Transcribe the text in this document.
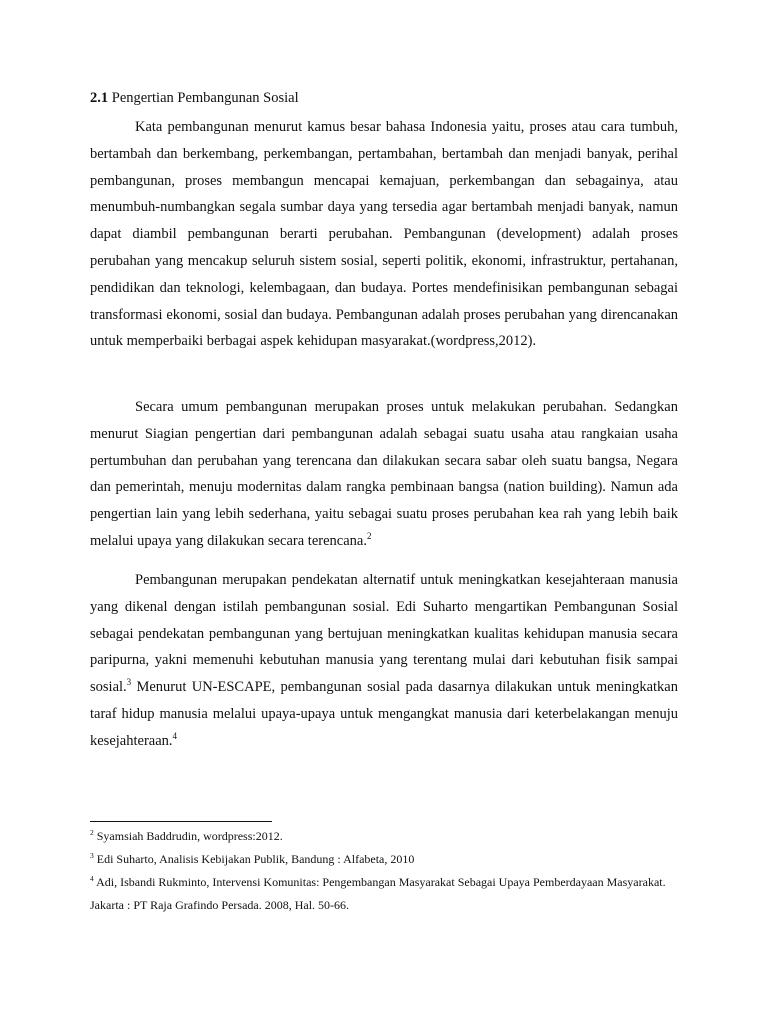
2.1 Pengertian Pembangunan Sosial

Kata pembangunan menurut kamus besar bahasa Indonesia yaitu, proses atau cara tumbuh, bertambah dan berkembang, perkembangan, pertambahan, bertambah dan menjadi banyak, perihal pembangunan, proses membangun mencapai kemajuan, perkembangan dan sebagainya, atau menumbuh-numbangkan segala sumbar daya yang tersedia agar bertambah menjadi banyak, namun dapat diambil pembangunan berarti perubahan. Pembangunan (development) adalah proses perubahan yang mencakup seluruh sistem sosial, seperti politik, ekonomi, infrastruktur, pertahanan, pendidikan dan teknologi, kelembagaan, dan budaya. Portes mendefinisikan pembangunan sebagai transformasi ekonomi, sosial dan budaya. Pembangunan adalah proses perubahan yang direncanakan untuk memperbaiki berbagai aspek kehidupan masyarakat.(wordpress,2012).

Secara umum pembangunan merupakan proses untuk melakukan perubahan. Sedangkan menurut Siagian pengertian dari pembangunan adalah sebagai suatu usaha atau rangkaian usaha pertumbuhan dan perubahan yang terencana dan dilakukan secara sabar oleh suatu bangsa, Negara dan pemerintah, menuju modernitas dalam rangka pembinaan bangsa (nation building). Namun ada pengertian lain yang lebih sederhana, yaitu sebagai suatu proses perubahan kea rah yang lebih baik melalui upaya yang dilakukan secara terencana.$^2$

Pembangunan merupakan pendekatan alternatif untuk meningkatkan kesejahteraan manusia yang dikenal dengan istilah pembangunan sosial. Edi Suharto mengartikan Pembangunan Sosial sebagai pendekatan pembangunan yang bertujuan meningkatkan kualitas kehidupan manusia secara paripurna, yakni memenuhi kebutuhan manusia yang terentang mulai dari kebutuhan fisik sampai sosial.$^3$ Menurut UN-ESCAPE, pembangunan sosial pada dasarnya dilakukan untuk meningkatkan taraf hidup manusia melalui upaya-upaya untuk mengangkat manusia dari keterbelakangan menuju kesejahteraan.$^4$

$^2$ Syamsiah Baddrudin, wordpress:2012.
$^3$ Edi Suharto, Analisis Kebijakan Publik, Bandung : Alfabeta, 2010
$^4$ Adi, Isbandi Rukminto, Intervensi Komunitas: Pengembangan Masyarakat Sebagai Upaya Pemberdayaan Masyarakat. Jakarta : PT Raja Grafindo Persada. 2008, Hal. 50-66.
